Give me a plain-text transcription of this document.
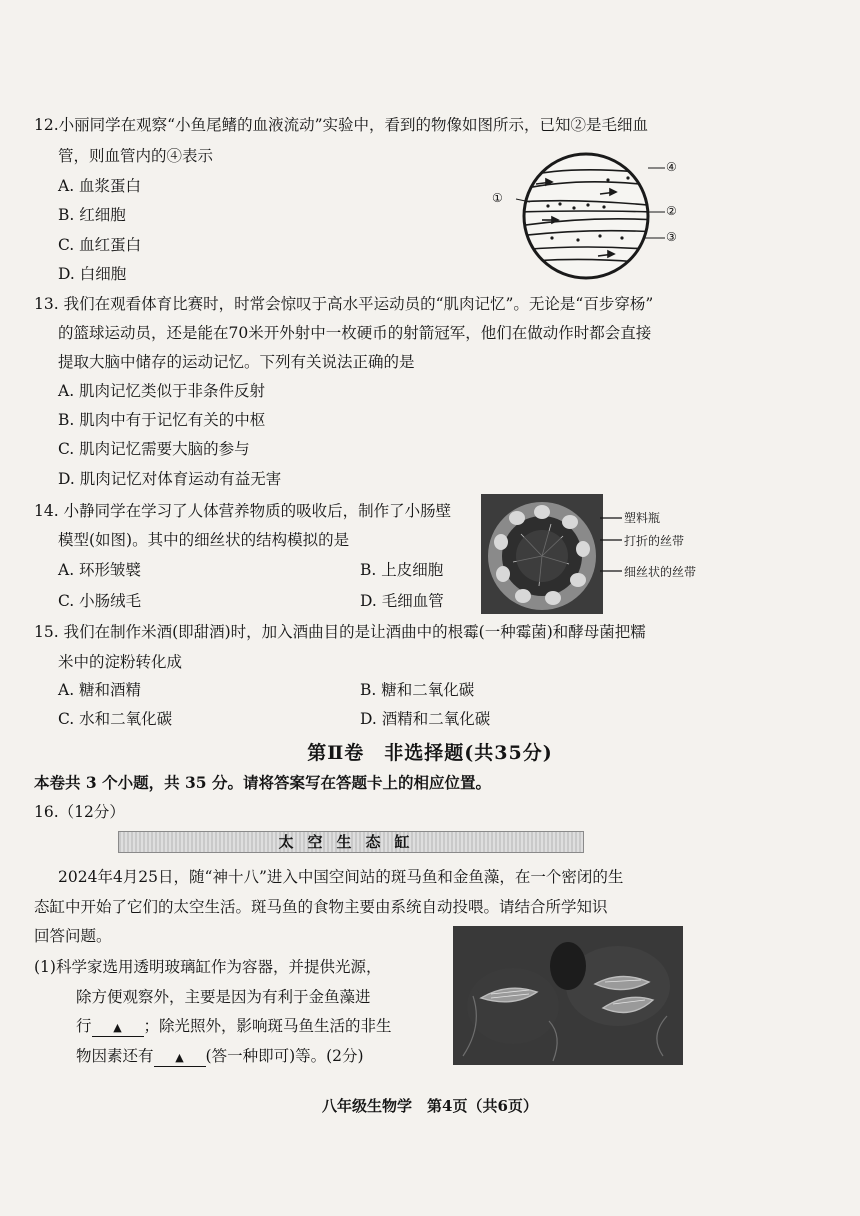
12.小丽同学在观察“小鱼尾鳍的血液流动”实验中，看到的物像如图所示，已知②是毛细血
管，则血管内的④表示
A. 血浆蛋白
B. 红细胞
C. 血红蛋白
D. 白细胞
①
②
③
④
13. 我们在观看体育比赛时，时常会惊叹于高水平运动员的“肌肉记忆”。无论是“百步穿杨”
的篮球运动员，还是能在70米开外射中一枚硬币的射箭冠军，他们在做动作时都会直接
提取大脑中储存的运动记忆。下列有关说法正确的是
A. 肌肉记忆类似于非条件反射
B. 肌肉中有于记忆有关的中枢
C. 肌肉记忆需要大脑的参与
D. 肌肉记忆对体育运动有益无害
14. 小静同学在学习了人体营养物质的吸收后，制作了小肠壁
模型(如图)。其中的细丝状的结构模拟的是
A. 环形皱襞	B. 上皮细胞
C. 小肠绒毛	D. 毛细血管
塑料瓶
打折的丝带
细丝状的丝带
15. 我们在制作米酒(即甜酒)时，加入酒曲目的是让酒曲中的根霉(一种霉菌)和酵母菌把糯
米中的淀粉转化成
A. 糖和酒精	B. 糖和二氧化碳
C. 水和二氧化碳	D. 酒精和二氧化碳
第Ⅱ卷　非选择题(共35分)
本卷共 3 个小题，共 35 分。请将答案写在答题卡上的相应位置。
16.（12分）
太空生态缸
2024年4月25日，随“神十八”进入中国空间站的斑马鱼和金鱼藻，在一个密闭的生
态缸中开始了它们的太空生活。斑马鱼的食物主要由系统自动投喂。请结合所学知识
回答问题。
(1)科学家选用透明玻璃缸作为容器，并提供光源，
除方便观察外，主要是因为有利于金鱼藻进
行 ▲ ；除光照外，影响斑马鱼生活的非生
物因素还有 ▲ (答一种即可)等。(2分)
八年级生物学　第4页（共6页）
